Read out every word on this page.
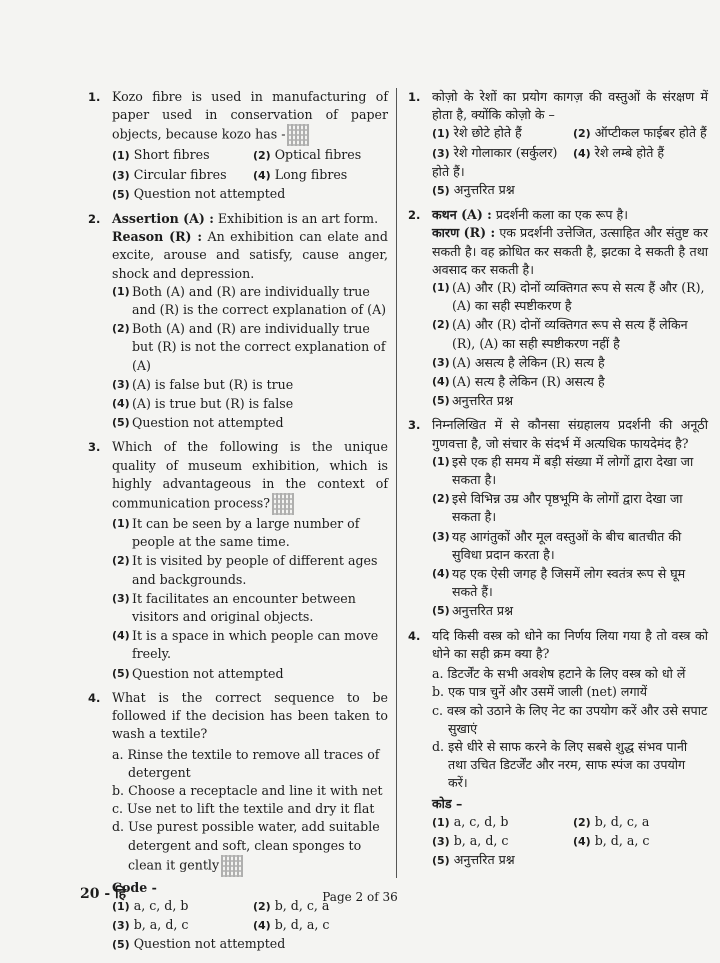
1. Kozo fibre is used in manufacturing of paper used in conservation of paper objects, because kozo has -
(1) Short fibres	(2) Optical fibres
(3) Circular fibres	(4) Long fibres
(5) Question not attempted
2. Assertion (A) : Exhibition is an art form.
Reason (R) : An exhibition can elate and excite, arouse and satisfy, cause anger, shock and depression.
(1) Both (A) and (R) are individually true and (R) is the correct explanation of (A)
(2) Both (A) and (R) are individually true but (R) is not the correct explanation of (A)
(3) (A) is false but (R) is true
(4) (A) is true but (R) is false
(5) Question not attempted
3. Which of the following is the unique quality of museum exhibition, which is highly advantageous in the context of communication process?
(1) It can be seen by a large number of people at the same time.
(2) It is visited by people of different ages and backgrounds.
(3) It facilitates an encounter between visitors and original objects.
(4) It is a space in which people can move freely.
(5) Question not attempted
4. What is the correct sequence to be followed if the decision has been taken to wash a textile?
a. Rinse the textile to remove all traces of detergent
b. Choose a receptacle and line it with net
c. Use net to lift the textile and dry it flat
d. Use purest possible water, add suitable detergent and soft, clean sponges to clean it gently
Code -
(1) a, c, d, b	(2) b, d, c, a
(3) b, a, d, c	(4) b, d, a, c
(5) Question not attempted
1. कोज़ो के रेशों का प्रयोग कागज़ की वस्तुओं के संरक्षण में होता है, क्योंकि कोज़ो के –
(1) रेशे छोटे होते हैं	(2) ऑप्टीकल फाईबर होते हैं
(3) रेशे गोलाकार (सर्कुलर) होते हैं।
(4) रेशे लम्बे होते हैं
(5) अनुत्तरित प्रश्न
2. कथन (A) : प्रदर्शनी कला का एक रूप है।
कारण (R) : एक प्रदर्शनी उत्तेजित, उत्साहित और संतुष्ट कर सकती है। वह क्रोधित कर सकती है, झटका दे सकती है तथा अवसाद कर सकती है।
(1) (A) और (R) दोनों व्यक्तिगत रूप से सत्य हैं और (R), (A) का सही स्पष्टीकरण है
(2) (A) और (R) दोनों व्यक्तिगत रूप से सत्य हैं लेकिन (R), (A) का सही स्पष्टीकरण नहीं है
(3) (A) असत्य है लेकिन (R) सत्य है
(4) (A) सत्य है लेकिन (R) असत्य है
(5) अनुत्तरित प्रश्न
3. निम्नलिखित में से कौनसा संग्रहालय प्रदर्शनी की अनूठी गुणवत्ता है, जो संचार के संदर्भ में अत्यधिक फायदेमंद है?
(1) इसे एक ही समय में बड़ी संख्या में लोगों द्वारा देखा जा सकता है।
(2) इसे विभिन्न उम्र और पृष्ठभूमि के लोगों द्वारा देखा जा सकता है।
(3) यह आगंतुकों और मूल वस्तुओं के बीच बातचीत की सुविधा प्रदान करता है।
(4) यह एक ऐसी जगह है जिसमें लोग स्वतंत्र रूप से घूम सकते हैं।
(5) अनुत्तरित प्रश्न
4. यदि किसी वस्त्र को धोने का निर्णय लिया गया है तो वस्त्र को धोने का सही क्रम क्या है?
a. डिटर्जेंट के सभी अवशेष हटाने के लिए वस्त्र को धो लें
b. एक पात्र चुनें और उसमें जाली (net) लगायें
c. वस्त्र को उठाने के लिए नेट का उपयोग करें और उसे सपाट सुखाएं
d. इसे धीरे से साफ करने के लिए सबसे शुद्ध संभव पानी तथा उचित डिटर्जेंट और नरम, साफ स्पंज का उपयोग करें।
कोड –
(1) a, c, d, b	(2) b, d, c, a
(3) b, a, d, c	(4) b, d, a, c
(5) अनुत्तरित प्रश्न
20 - हि	Page 2 of 36
